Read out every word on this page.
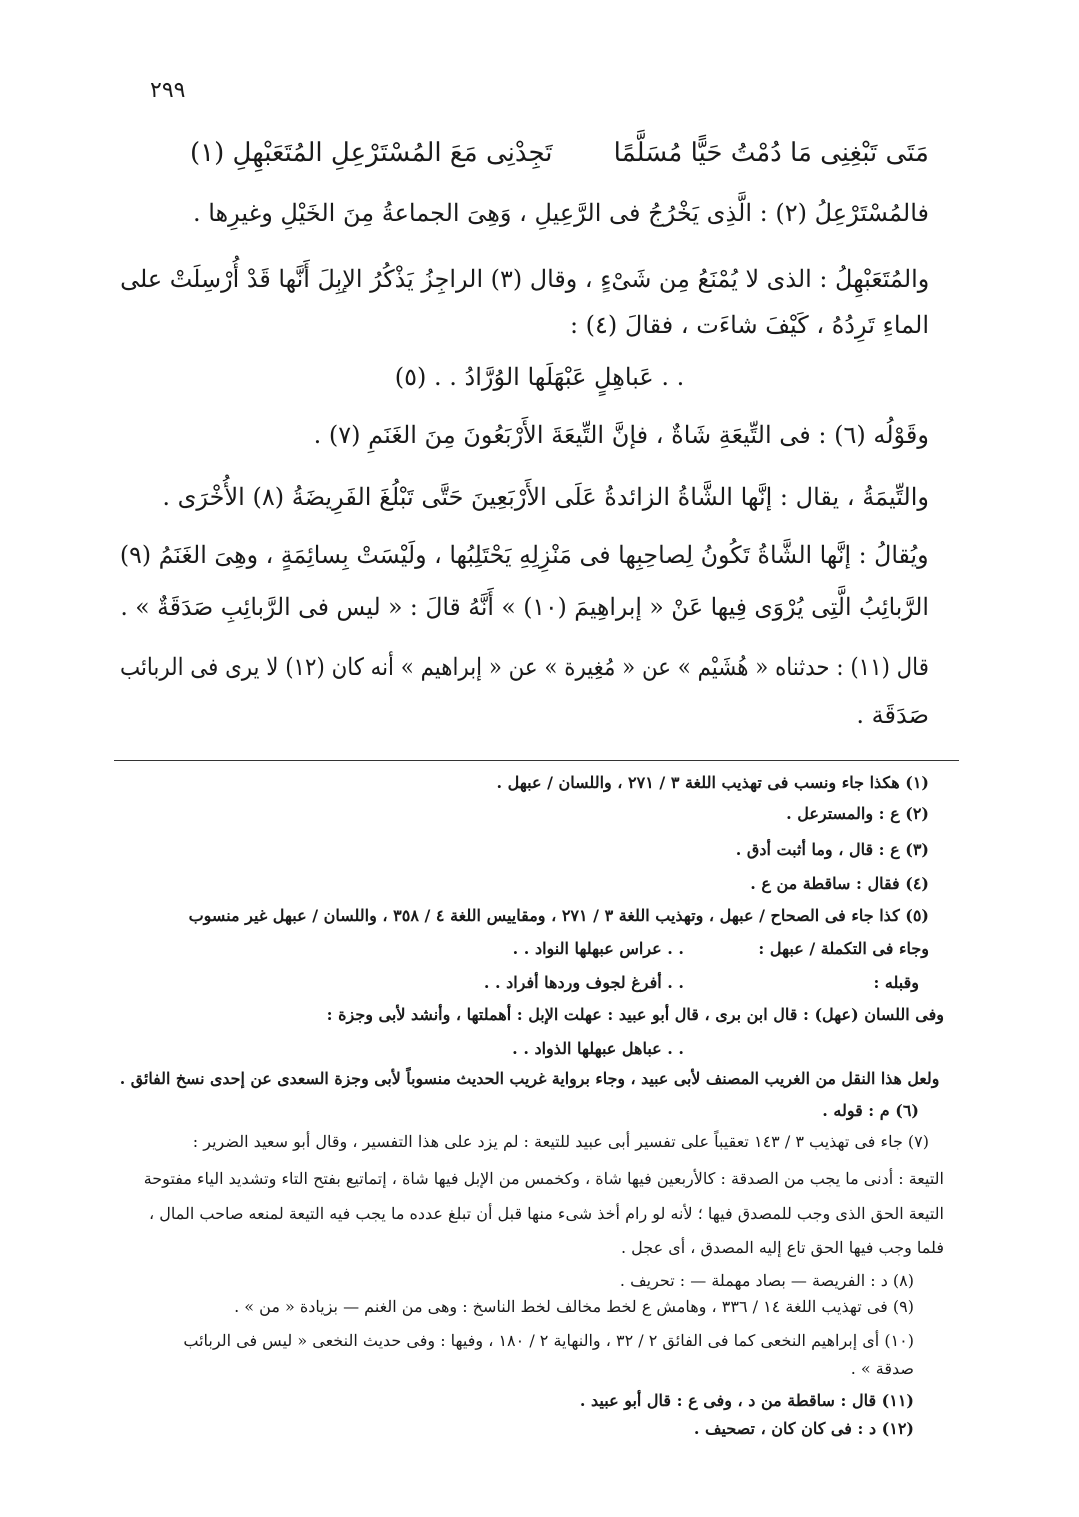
٢٩٩
مَتَى تَبْغِنِى مَا دُمْتُ حَيًّا مُسَلَّمًا
تَجِدْنِى مَعَ المُسْتَرْعِلِ المُتَعَبْهِلِ (١)
فالمُسْتَرْعِلُ (٢) : الَّذِى يَخْرُجُ فى الرَّعِيلِ ، وَهِىَ الجماعةُ مِنَ الخَيْلِ وغيرِها .
والمُتَعَبْهِلُ : الذى لا يُمْنَعُ مِن شَىْءٍ ، وقال (٣) الراجِزُ يَذْكُرُ الإبِلَ أَنَّها قَدْ أُرْسِلَتْ على
الماءِ تَرِدُهُ ، كَيْفَ شاءَت ، فقالَ (٤) :
. . عَباهِلٍ عَبْهَلَها الوُرَّادُ . . (٥)
وقَوْلُه (٦) : فى التِّيعَةِ شَاةٌ ، فإنَّ التِّيعَةَ الأَرْبَعُونَ مِنَ الغَنَمِ (٧) .
والتِّيمَةُ ، يقال : إنَّها الشَّاةُ الزائدةُ عَلَى الأَرْبَعِينَ حَتَّى تَبْلُغَ الفَرِيضَةُ (٨) الأُخْرَى .
ويُقالُ : إنَّها الشَّاةُ تَكُونُ لِصاحِبِها فى مَنْزِلِهِ يَحْتَلِبُها ، ولَيْسَتْ بِسائِمَةٍ ، وهِىَ الغَنَمُ (٩)
الرَّبائِبُ الَّتِى يُرْوَى فِيها عَنْ « إبراهِيمَ (١٠) » أَنَّهُ قالَ : « ليس فى الرَّبائِبِ صَدَقَةٌ » .
قال (١١) : حدثناه « هُشَيْم » عن « مُغِيرة » عن « إبراهيم » أنه كان (١٢) لا يرى فى الربائب
صَدَقَة .
(١) هكذا جاء ونسب فى تهذيب اللغة ٣ / ٢٧١ ، واللسان / عبهل .
(٢) ع : والمسترعل .
(٣) ع : قال ، وما أثبت أدق .
(٤) فقال : ساقطة من ع .
(٥) كذا جاء فى الصحاح / عبهل ، وتهذيب اللغة ٣ / ٢٧١ ، ومقاييس اللغة ٤ / ٣٥٨ ، واللسان / عبهل غير منسوب
وجاء فى التكملة / عبهل :
. . عراس عبهلها النواد . .
وقبله :
. . أفرغ لجوف وردها أفراد . .
وفى اللسان (عهل) : قال ابن برى ، قال أبو عبيد : عهلت الإبل : أهملتها ، وأنشد لأبى وجزة :
. . عباهل عبهلها الذواد . .
ولعل هذا النقل من الغريب المصنف لأبى عبيد ، وجاء برواية غريب الحديث منسوباً لأبى وجزة السعدى عن إحدى نسخ الفائق .
(٦) م : قوله .
(٧) جاء فى تهذيب ٣ / ١٤٣ تعقيباً على تفسير أبى عبيد للتيعة : لم يزد على هذا التفسير ، وقال أبو سعيد الضرير :
التيعة : أدنى ما يجب من الصدقة : كالأربعين فيها شاة ، وكخمس من الإبل فيها شاة ، إتماتيع بفتح التاء وتشديد الياء مفتوحة
التيعة الحق الذى وجب للمصدق فيها ؛ لأنه لو رام أخذ شىء منها قبل أن تبلغ عدده ما يجب فيه التيعة لمنعه صاحب المال ،
فلما وجب فيها الحق تاع إليه المصدق ، أى عجل .
(٨) د : الفريصة — بصاد مهملة — : تحريف .
(٩) فى تهذيب اللغة ١٤ / ٣٣٦ ، وهامش ع لخط مخالف لخط الناسخ : وهى من الغنم — بزيادة « من » .
(١٠) أى إبراهيم النخعى كما فى الفائق ٢ / ٣٢ ، والنهاية ٢ / ١٨٠ ، وفيها : وفى حديث النخعى « ليس فى الربائب
صدقة » .
(١١) قال : ساقطة من د ، وفى ع : قال أبو عبيد .
(١٢) د : فى كان كان ، تصحيف .
